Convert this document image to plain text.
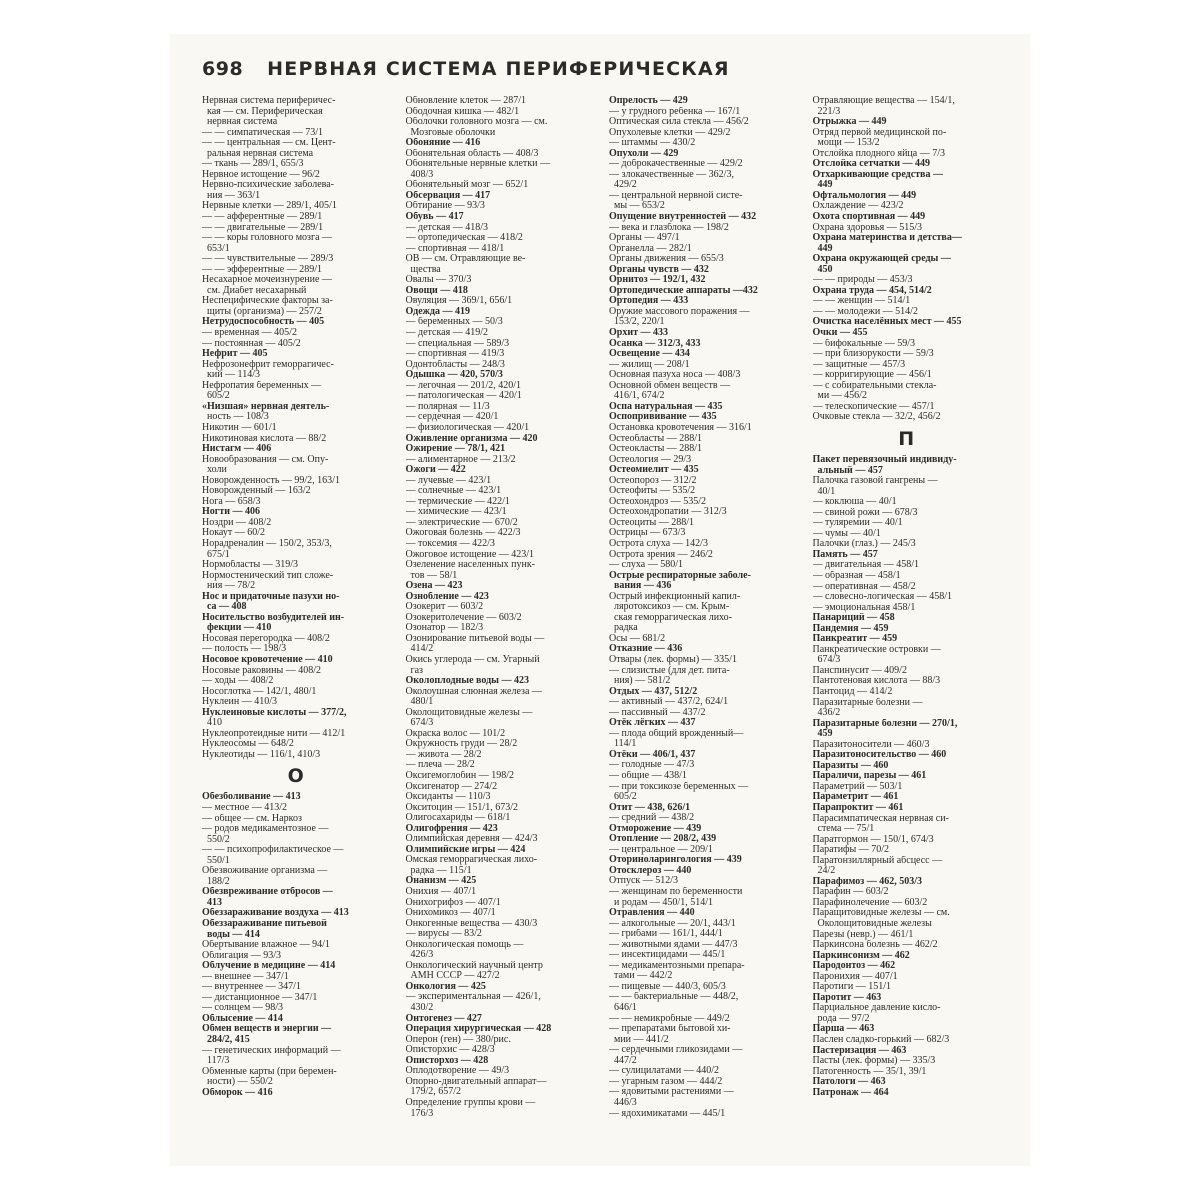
698 НЕРВНАЯ СИСТЕМА ПЕРИФЕРИЧЕСКАЯ
Нервная система периферичес-
кая — см. Периферическая
нервная система
— — симпатическая — 73/1
— — центральная — см. Цент-
ральная нервная система
— ткань — 289/1, 655/3
Нервное истощение — 96/2
Нервно-психические заболева-
ния — 363/1
Нервные клетки — 289/1, 405/1
— — афферентные — 289/1
— — двигательные — 289/1
— — коры головного мозга —
653/1
— — чувствительные — 289/3
— — эфферентные — 289/1
Несахарное мочеизнурение —
см. Диабет несахарный
Неспецифические факторы за-
щиты (организма) — 257/2
Нетрудоспособность — 405
— временная — 405/2
— постоянная — 405/2
Нефрит — 405
Нефрозонефрит геморрагичес-
кий — 114/3
Нефропатия беременных —
605/2
«Низшая» нервная деятель-
ность — 108/3
Никотин — 601/1
Никотиновая кислота — 88/2
Нистагм — 406
Новообразования — см. Опу-
холи
Новорожденность — 99/2, 163/1
Новорожденный — 163/2
Нога — 658/3
Ногти — 406
Ноздри — 408/2
Нокаут — 60/2
Норадреналин — 150/2, 353/3,
675/1
Нормобласты — 319/3
Нормостенический тип сложе-
ния — 78/2
Нос и придаточные пазухи но-
са — 408
Носительство возбудителей ин-
фекции — 410
Носовая перегородка — 408/2
— полость — 198/3
Носовое кровотечение — 410
Носовые раковины — 408/2
— ходы — 408/2
Носоглотка — 142/1, 480/1
Нуклеин — 410/3
Нуклеиновые кислоты — 377/2,
410
Нуклеопротеидные нити — 412/1
Нуклеосомы — 648/2
Нуклеотиды — 116/1, 410/3
О
Обезболивание — 413
— местное — 413/2
— общее — см. Наркоз
— родов медикаментозное —
550/2
— — психопрофилактическое —
550/1
Обезвоживание организма —
188/2
Обезвреживание отбросов —
413
Обеззараживание воздуха — 413
Обеззараживание питьевой
воды — 414
Обертывание влажное — 94/1
Облигация — 93/3
Облучение в медицине — 414
— внешнее — 347/1
— внутреннее — 347/1
— дистанционное — 347/1
— солнцем — 98/3
Облысение — 414
Обмен веществ и энергии —
284/2, 415
— генетических информаций —
117/3
Обменные карты (при беремен-
ности) — 550/2
Обморок — 416
Обновление клеток — 287/1
Ободочная кишка — 482/1
Оболочки головного мозга — см.
Мозговые оболочки
Обоняние — 416
Обонятельная область — 408/3
Обонятельные нервные клетки —
408/3
Обонятельный мозг — 652/1
Обсервация — 417
Обтирание — 93/3
Обувь — 417
— детская — 418/3
— ортопедическая — 418/2
— спортивная — 418/1
ОВ — см. Отравляющие ве-
щества
Овалы — 370/3
Овощи — 418
Овуляция — 369/1, 656/1
Одежда — 419
— беременных — 50/3
— детская — 419/2
— специальная — 589/3
— спортивная — 419/3
Одонтобласты — 248/3
Одышка — 420, 570/3
— легочная — 201/2, 420/1
— патологическая — 420/1
— полярная — 11/3
— сердечная — 420/1
— физиологическая — 420/1
Оживление организма — 420
Ожирение — 78/1, 421
— алиментарное — 213/2
Ожоги — 422
— лучевые — 423/1
— солнечные — 423/1
— термические — 422/1
— химические — 423/1
— электрические — 670/2
Ожоговая болезнь — 422/3
— токсемия — 422/3
Ожоговое истощение — 423/1
Озеленение населенных пунк-
тов — 58/1
Озена — 423
Ознобление — 423
Озокерит — 603/2
Озокеритолечение — 603/2
Озонатор — 182/3
Озонирование питьевой воды —
414/2
Окись углерода — см. Угарный
газ
Околоплодные воды — 423
Околоушная слюнная железа —
480/1
Околощитовидные железы —
674/3
Окраска волос — 101/2
Окружность груди — 28/2
— живота — 28/2
— плеча — 28/2
Оксигемоглобин — 198/2
Оксигенатор — 274/2
Оксиданты — 110/3
Окситоцин — 151/1, 673/2
Олигосахариды — 618/1
Олигофрения — 423
Олимпийская деревня — 424/3
Олимпийские игры — 424
Омская геморрагическая лихо-
радка — 115/1
Онанизм — 425
Онихия — 407/1
Онихогрифоз — 407/1
Онихомикоз — 407/1
Онкогенные вещества — 430/3
— вирусы — 83/2
Онкологическая помощь —
426/3
Онкологический научный центр
АМН СССР — 427/2
Онкология — 425
— экспериментальная — 426/1,
430/2
Онтогенез — 427
Операция хирургическая — 428
Оперон (ген) — 380/рис.
Описторхис — 428/3
Описторхоз — 428
Оплодотворение — 49/3
Опорно-двигательный аппарат—
179/2, 657/2
Определение группы крови —
176/3
Опрелость — 429
— у грудного ребенка — 167/1
Оптическая сила стекла — 456/2
Опухолевые клетки — 429/2
— штаммы — 430/2
Опухоли — 429
— доброкачественные — 429/2
— злокачественные — 362/3,
429/2
— центральной нервной систе-
мы — 653/2
Опущение внутренностей — 432
— века и глазблока — 198/2
Органы — 497/1
Органелла — 282/1
Органы движения — 655/3
Органы чувств — 432
Орнитоз — 192/1, 432
Ортопедические аппараты —432
Ортопедия — 433
Оружие массового поражения —
153/2, 220/1
Орхит — 433
Осанка — 312/3, 433
Освещение — 434
— жилищ — 208/1
Основная пазуха носа — 408/3
Основной обмен веществ —
416/1, 674/2
Оспа натуральная — 435
Оспопрививание — 435
Остановка кровотечения — 316/1
Остеобласты — 288/1
Остеокласты — 288/1
Остеология — 29/3
Остеомиелит — 435
Остеопороз — 312/2
Остеофиты — 535/2
Остеохондроз — 535/2
Остеохондропатии — 312/3
Остеоциты — 288/1
Острицы — 673/3
Острота слуха — 142/3
Острота зрения — 246/2
— слуха — 580/1
Острые респираторные заболе-
вания — 436
Острый инфекционный капил-
ляротоксикоз — см. Крым-
ская геморрагическая лихо-
радка
Осы — 681/2
Отказние — 436
Отвары (лек. формы) — 335/1
— слизистые (для дет. пита-
ния) — 581/2
Отдых — 437, 512/2
— активный — 437/2, 624/1
— пассивный — 437/2
Отёк лёгких — 437
— плода общий врожденный—
114/1
Отёки — 406/1, 437
— голодные — 47/3
— общие — 438/1
— при токсикозе беременных —
605/2
Отит — 438, 626/1
— средний — 438/2
Отморожение — 439
Отопление — 208/2, 439
— центральное — 209/1
Оториноларингология — 439
Отосклероз — 440
Отпуск — 512/3
— женщинам по беременности
и родам — 450/1, 514/1
Отравления — 440
— алкогольные — 20/1, 443/1
— грибами — 161/1, 444/1
— животными ядами — 447/3
— инсектицидами — 445/1
— медикаментозными препара-
тами — 442/2
— пищевые — 440/3, 605/3
— — бактериальные — 448/2,
646/1
— — немикробные — 449/2
— препаратами бытовой хи-
мии — 441/2
— сердечными гликозидами —
447/2
— сулицилатами — 440/2
— угарным газом — 444/2
— ядовитыми растениями —
446/3
— ядохимикатами — 445/1
Отравляющие вещества — 154/1,
221/3
Отрыжка — 449
Отряд первой медицинской по-
мощи — 153/2
Отслойка плодного яйца — 7/3
Отслойка сетчатки — 449
Отхаркивающие средства —
449
Офтальмология — 449
Охлаждение — 423/2
Охота спортивная — 449
Охрана здоровья — 515/3
Охрана материнства и детства—
449
Охрана окружающей среды —
450
— — природы — 453/3
Охрана труда — 454, 514/2
— — женщин — 514/1
— — молодежи — 514/2
Очистка населённых мест — 455
Очки — 455
— бифокальные — 59/3
— при близорукости — 59/3
— защитные — 457/3
— корригирующие — 456/1
— с собирательными стекла-
ми — 456/2
— телескопические — 457/1
Очковые стекла — 32/2, 456/2
П
Пакет перевязочный индивиду-
альный — 457
Палочка газовой гангрены —
40/1
— коклюша — 40/1
— свиной рожи — 678/3
— туляремии — 40/1
— чумы — 40/1
Палочки (глаз.) — 245/3
Память — 457
— двигательная — 458/1
— образная — 458/1
— оперативная — 458/2
— словесно-логическая — 458/1
— эмоциональная 458/1
Панариций — 458
Пандемия — 459
Панкреатит — 459
Панкреатические островки —
674/3
Панспинусит — 409/2
Пантотеновая кислота — 88/3
Пантоцид — 414/2
Паразитарные болезни —
436/2
Паразитарные болезни — 270/1,
459
Паразитоносители — 460/3
Паразитоносительство — 460
Паразиты — 460
Параличи, парезы — 461
Параметрий — 503/1
Параметрит — 461
Парапроктит — 461
Парасимпатическая нервная си-
стема — 75/1
Паратгормон — 150/1, 674/3
Паратифы — 70/2
Паратонзиллярный абсцесс —
24/2
Парафимоз — 462, 503/3
Парафин — 603/2
Парафинолечение — 603/2
Паращитовидные железы — см.
Околощитовидные железы
Парезы (невр.) — 461/1
Паркинсона болезнь — 462/2
Паркинсонизм — 462
Пародонтоз — 462
Паронихия — 407/1
Паротиги — 151/1
Паротит — 463
Парциальное давление кисло-
рода — 97/2
Парша — 463
Паслен сладко-горький — 682/3
Пастеризация — 463
Пасты (лек. формы) — 335/3
Патогенность — 35/1, 39/1
Патологи — 463
Патронаж — 464
